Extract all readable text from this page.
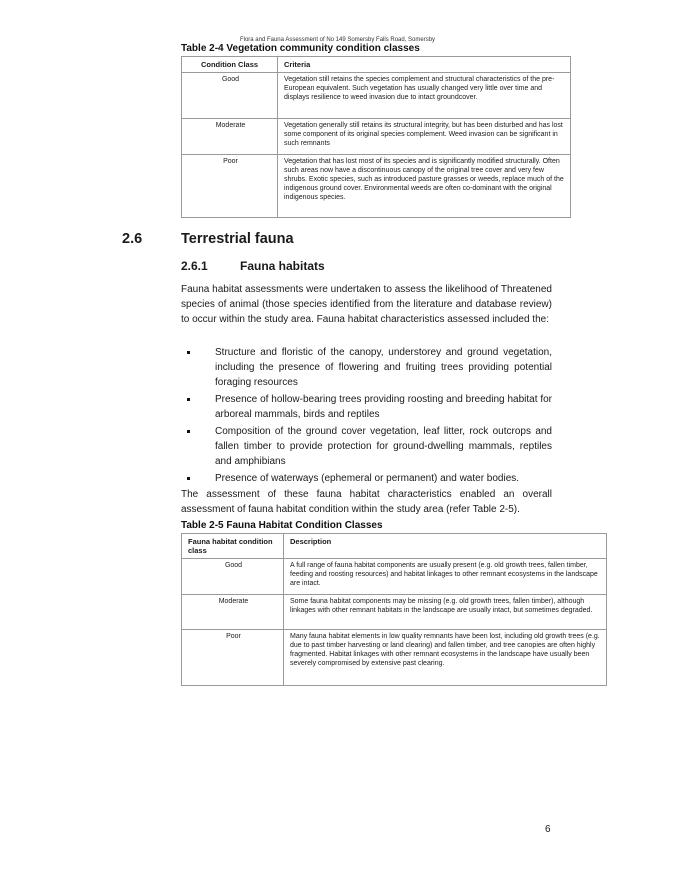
Flora and Fauna Assessment of No 149 Somersby Falls Road, Somersby
Table 2-4 Vegetation community condition classes
Condition Class	Criteria
Good	Vegetation still retains the species complement and structural characteristics of the pre-European equivalent. Such vegetation has usually changed very little over time and displays resilience to weed invasion due to intact groundcover.
Moderate	Vegetation generally still retains its structural integrity, but has been disturbed and has lost some component of its original species complement. Weed invasion can be significant in such remnants
Poor	Vegetation that has lost most of its species and is significantly modified structurally. Often such areas now have a discontinuous canopy of the original tree cover and very few shrubs. Exotic species, such as introduced pasture grasses or weeds, replace much of the indigenous ground cover. Environmental weeds are often co-dominant with the original indigenous species.
2.6	Terrestrial fauna
2.6.1	Fauna habitats
Fauna habitat assessments were undertaken to assess the likelihood of Threatened species of animal (those species identified from the literature and database review) to occur within the study area. Fauna habitat characteristics assessed included the:
Structure and floristic of the canopy, understorey and ground vegetation, including the presence of flowering and fruiting trees providing potential foraging resources
Presence of hollow-bearing trees providing roosting and breeding habitat for arboreal mammals, birds and reptiles
Composition of the ground cover vegetation, leaf litter, rock outcrops and fallen timber to provide protection for ground-dwelling mammals, reptiles and amphibians
Presence of waterways (ephemeral or permanent) and water bodies.
The assessment of these fauna habitat characteristics enabled an overall assessment of fauna habitat condition within the study area (refer Table 2-5).
Table 2-5 Fauna Habitat Condition Classes
Fauna habitat condition class	Description
Good	A full range of fauna habitat components are usually present (e.g. old growth trees, fallen timber, feeding and roosting resources) and habitat linkages to other remnant ecosystems in the landscape are intact.
Moderate	Some fauna habitat components may be missing (e.g. old growth trees, fallen timber), although linkages with other remnant habitats in the landscape are usually intact, but sometimes degraded.
Poor	Many fauna habitat elements in low quality remnants have been lost, including old growth trees (e.g. due to past timber harvesting or land clearing) and fallen timber, and tree canopies are often highly fragmented. Habitat linkages with other remnant ecosystems in the landscape have usually been severely compromised by extensive past clearing.
6
